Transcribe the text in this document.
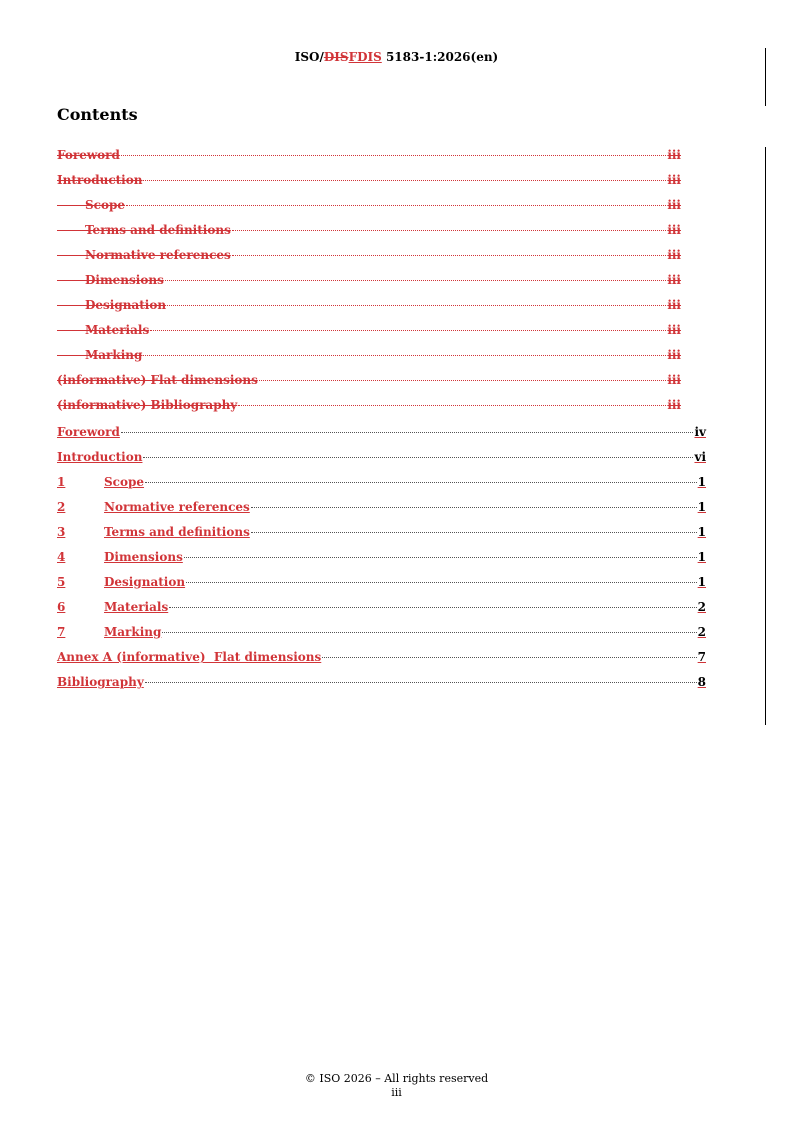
ISO/DISFDIS 5183-1:2026(en)
Contents
Foreword	iii
Introduction	iii
Scope	iii
Terms and definitions	iii
Normative references	iii
Dimensions	iii
Designation	iii
Materials	iii
Marking	iii
(informative) Flat dimensions	iii
(informative) Bibliography	iii
Foreword	iv
Introduction	vi
1	Scope	1
2	Normative references	1
3	Terms and definitions	1
4	Dimensions	1
5	Designation	1
6	Materials	2
7	Marking	2
Annex A (informative)  Flat dimensions	7
Bibliography	8
© ISO 2026 – All rights reserved
iii
